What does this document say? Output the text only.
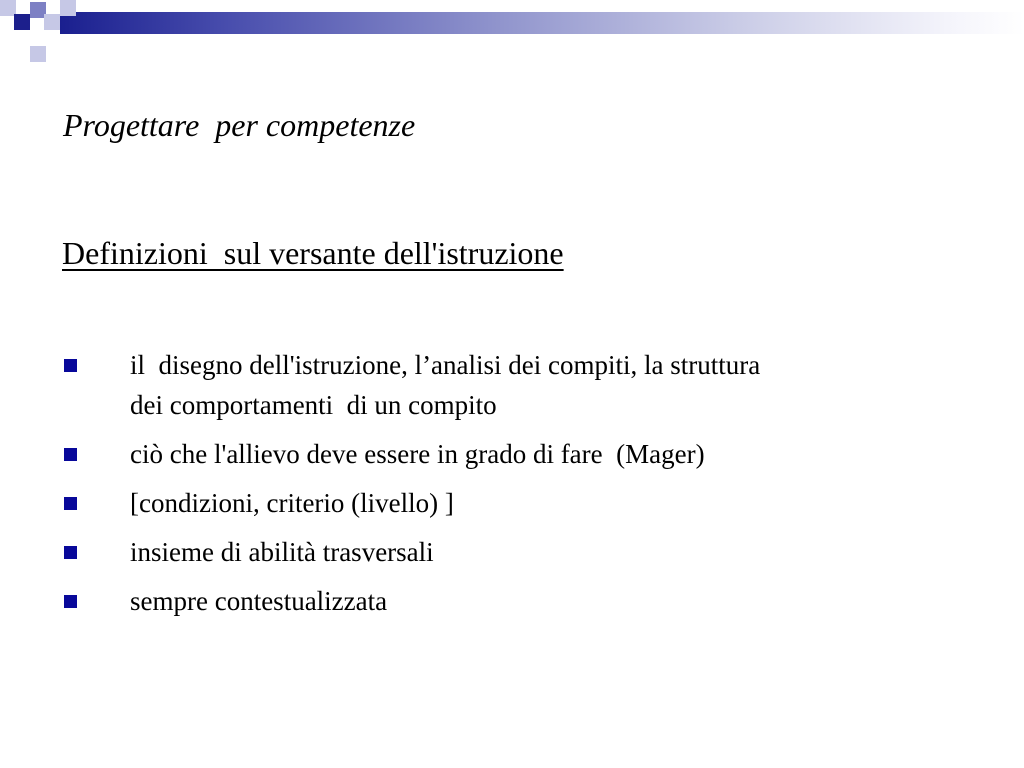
Progettare  per competenze
Definizioni  sul versante dell'istruzione
il  disegno dell'istruzione, l’analisi dei compiti, la struttura
dei comportamenti  di un compito
ciò che l'allievo deve essere in grado di fare  (Mager)
[condizioni, criterio (livello) ]
insieme di abilità trasversali
sempre contestualizzata
